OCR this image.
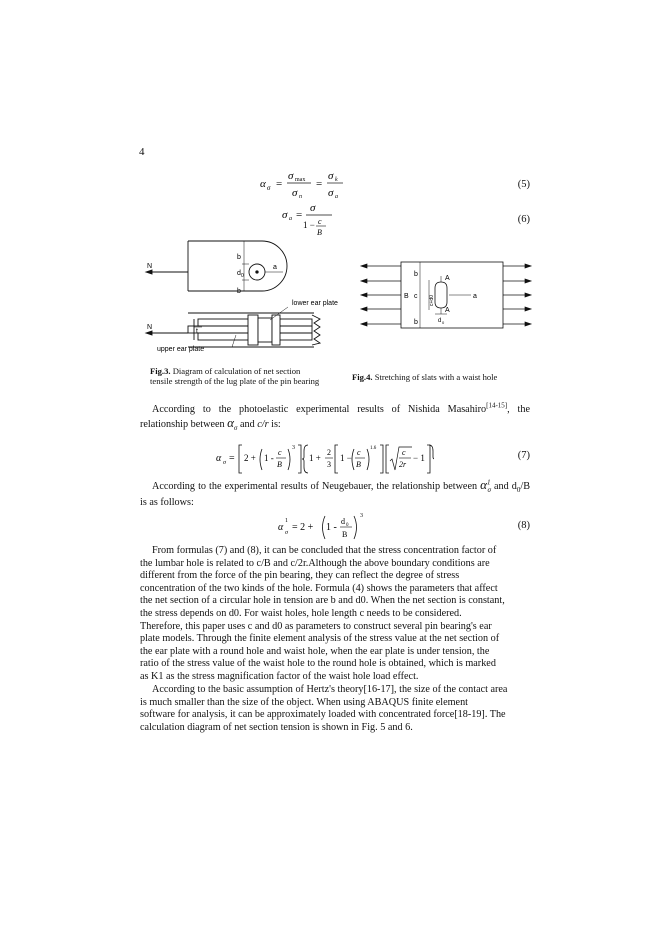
4
α σ =
σ max
σ n
=
σ k
σ a
(5)
σ a =
σ
1 − c
B
(6)
N
N
b
d 0
b
a
lower ear plate
upper ear plate
t
Fig.3. Diagram of calculation of net section
tensile strength of the lug plate of the pin bearing
b
B c
A
a
A
d 0
b
c+d0
Fig.4. Stretching of slats with a waist hole

According to the photoelastic experimental results of Nishida Masahiro[14-15], the relationship between $\alpha_\sigma$ and c/r is:

α σ = 2 + 1 -
c
B
3
1 +
2
3
1 −
c
B
1.6	c
2r
− 1	(7)

According to the experimental results of Neugebauer, the relationship between $\alpha^1_\sigma$ and $d_0/B$ is as follows:

α
1
σ = 2 + 1 -
d 0
B
3
(8)
From formulas (7) and (8), it can be concluded that the stress concentration factor of
the lumbar hole is related to c/B and c/2r.Although the above boundary conditions are
different from the force of the pin bearing, they can reflect the degree of stress
concentration of the two kinds of the hole. Formula (4) shows the parameters that affect
the net section of a circular hole in tension are b and d0. When the net section is constant,
the stress depends on d0. For waist holes, hole length c needs to be considered.
Therefore, this paper uses c and d0 as parameters to construct several pin bearing's ear
plate models. Through the finite element analysis of the stress value at the net section of
the ear plate with a round hole and waist hole, when the ear plate is under tension, the
ratio of the stress value of the waist hole to the round hole is obtained, which is marked
as K1 as the stress magnification factor of the waist hole load effect.
According to the basic assumption of Hertz's theory[16-17], the size of the contact area
is much smaller than the size of the object. When using ABAQUS finite element
software for analysis, it can be approximately loaded with concentrated force[18-19]. The
calculation diagram of net section tension is shown in Fig. 5 and 6.
